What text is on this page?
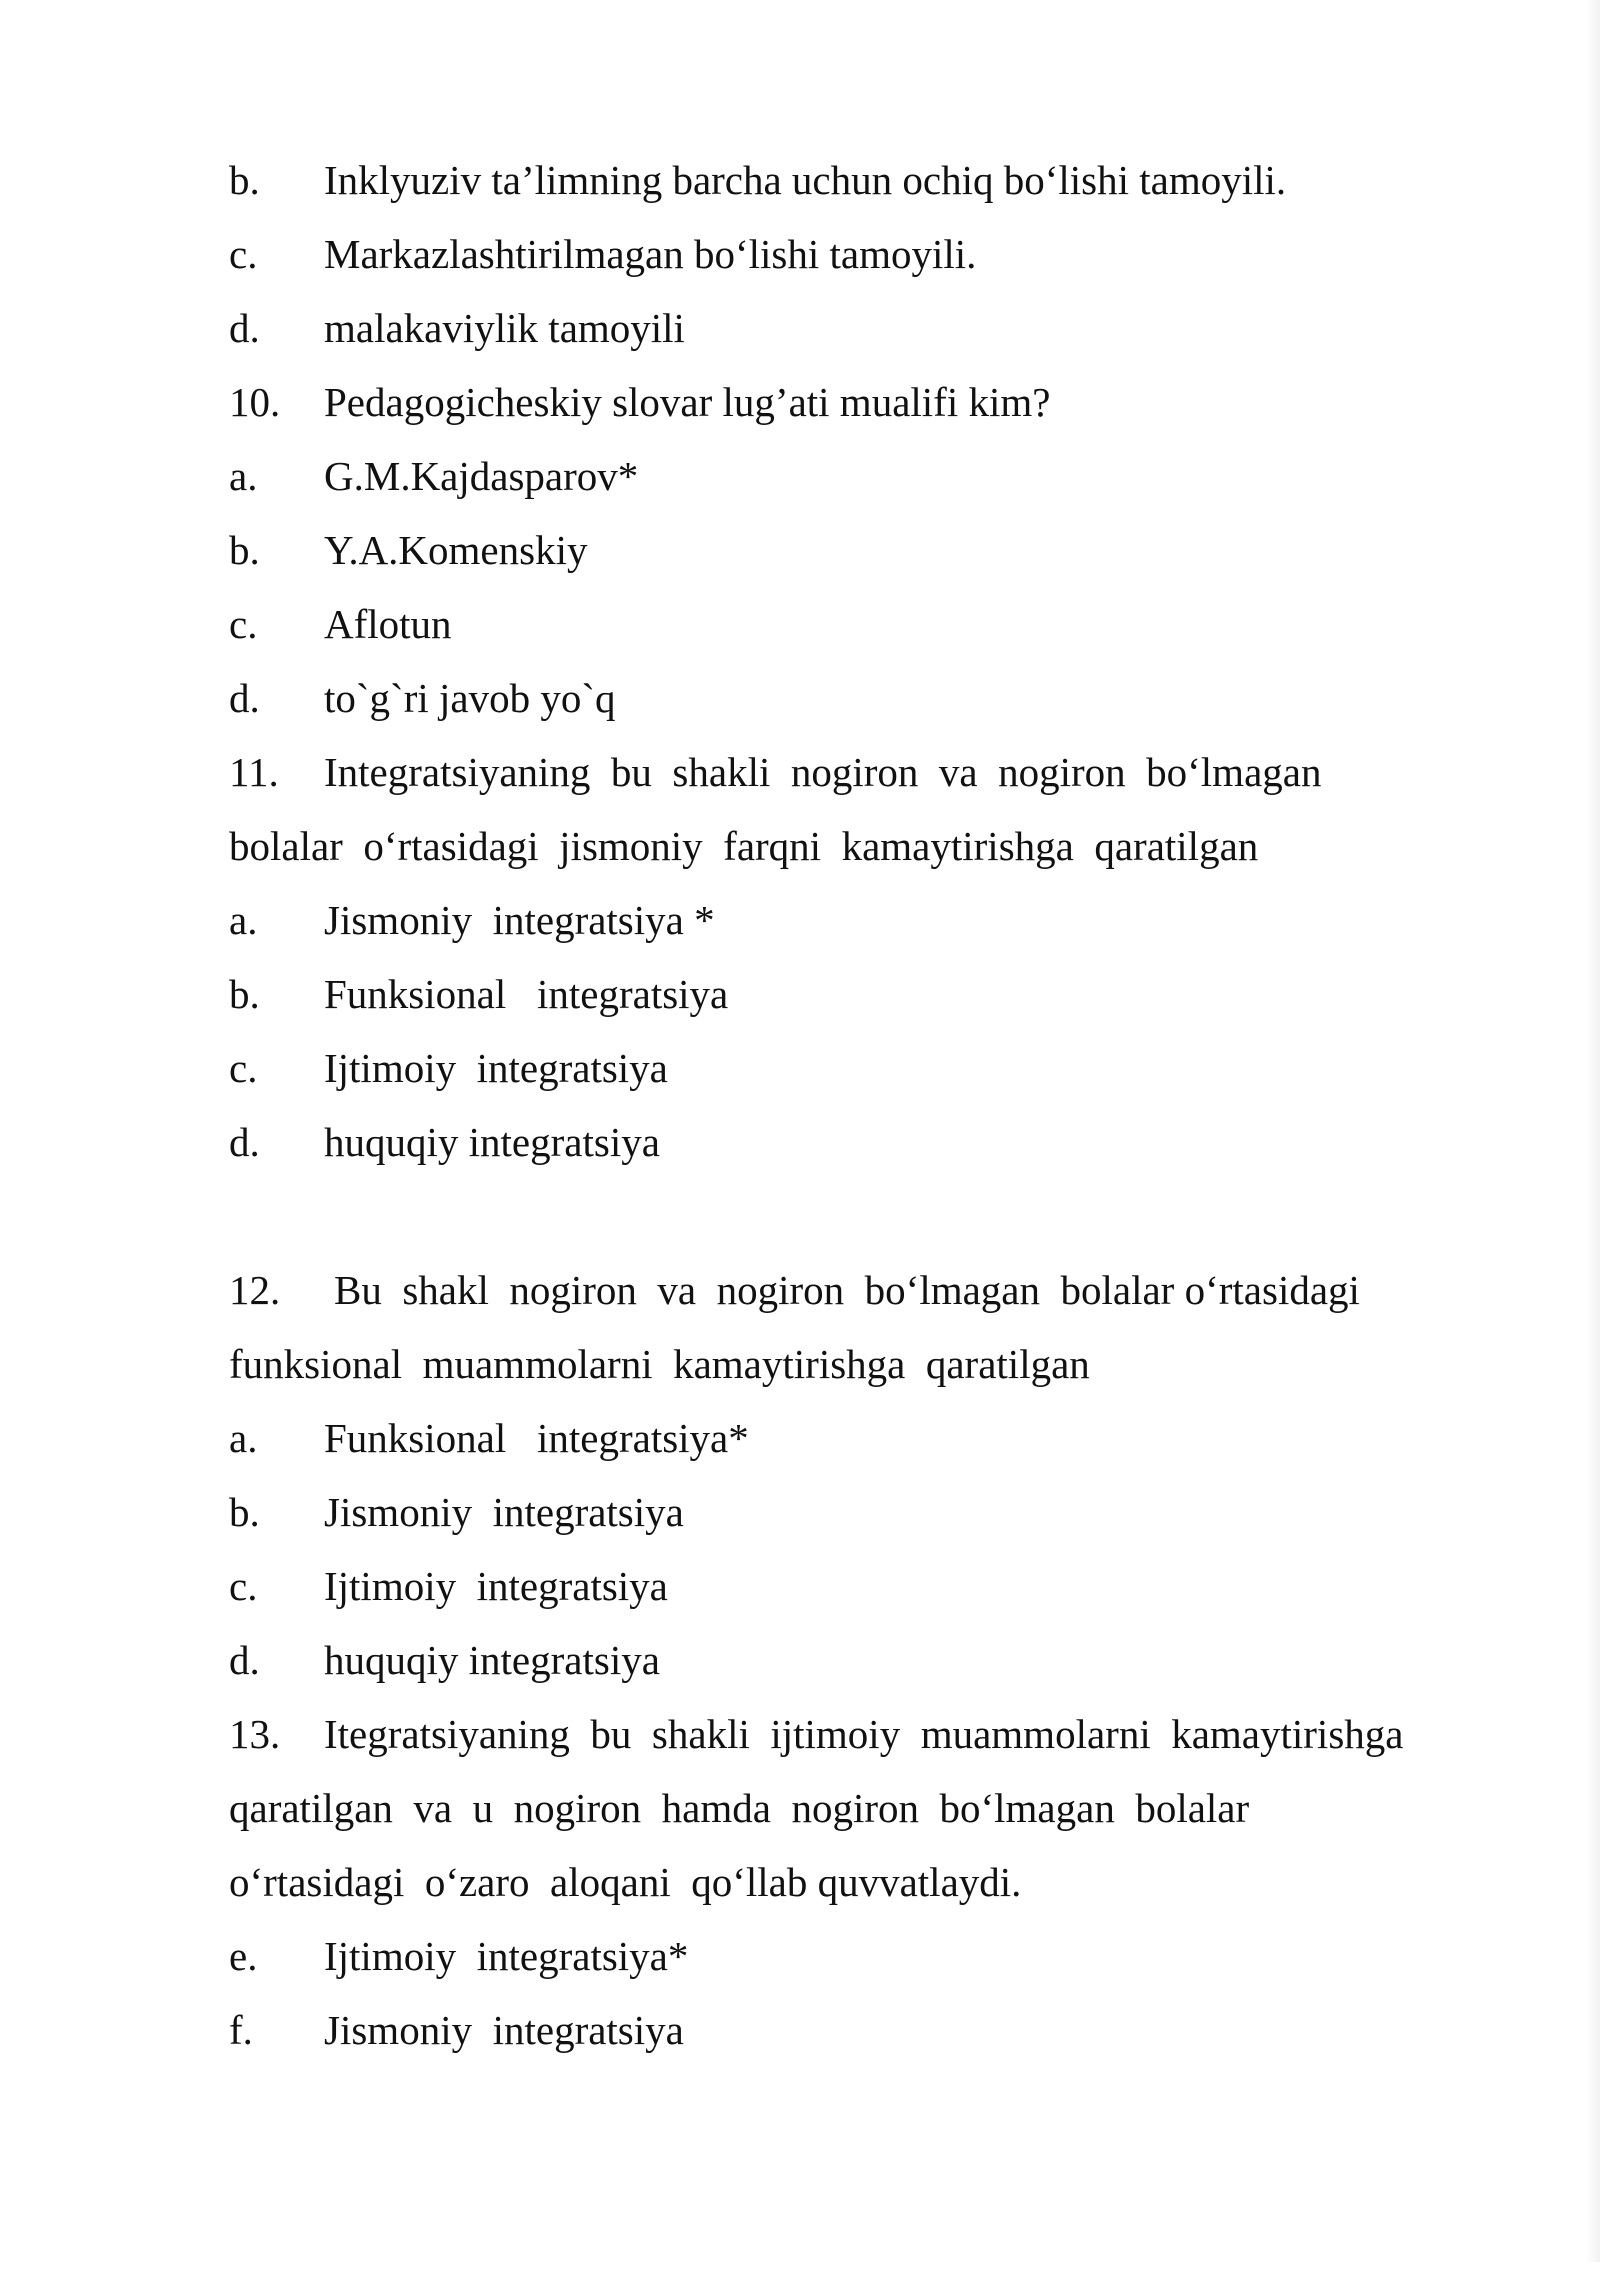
b.

Inklyuziv ta’limning barcha uchun ochiq bo‘lishi tamoyili.

c.

Markazlashtirilmagan bo‘lishi tamoyili.

d.

malakaviylik tamoyili

10.

Pedagogicheskiy slovar lug’ati mualifi kim?

a.

G.M.Kajdasparov*

b.

Y.A.Komenskiy

c.

Aflotun

d.

to`g`ri javob yo`q

11.

Integratsiyaning  bu  shakli  nogiron  va  nogiron  bo‘lmagan

bolalar  o‘rtasidagi  jismoniy  farqni  kamaytirishga  qaratilgan

a.

Jismoniy  integratsiya *

b.

Funksional   integratsiya

c.

Ijtimoiy  integratsiya

d.

huquqiy integratsiya

12.

Bu  shakl  nogiron  va  nogiron  bo‘lmagan  bolalar o‘rtasidagi

funksional  muammolarni  kamaytirishga  qaratilgan

a.

Funksional   integratsiya*

b.

Jismoniy  integratsiya

c.

Ijtimoiy  integratsiya

d.

huquqiy integratsiya

13.

Itegratsiyaning  bu  shakli  ijtimoiy  muammolarni  kamaytirishga

qaratilgan  va  u  nogiron  hamda  nogiron  bo‘lmagan  bolalar
o‘rtasidagi  o‘zaro  aloqani  qo‘llab quvvatlaydi.

e.

Ijtimoiy  integratsiya*

f.

Jismoniy  integratsiya
